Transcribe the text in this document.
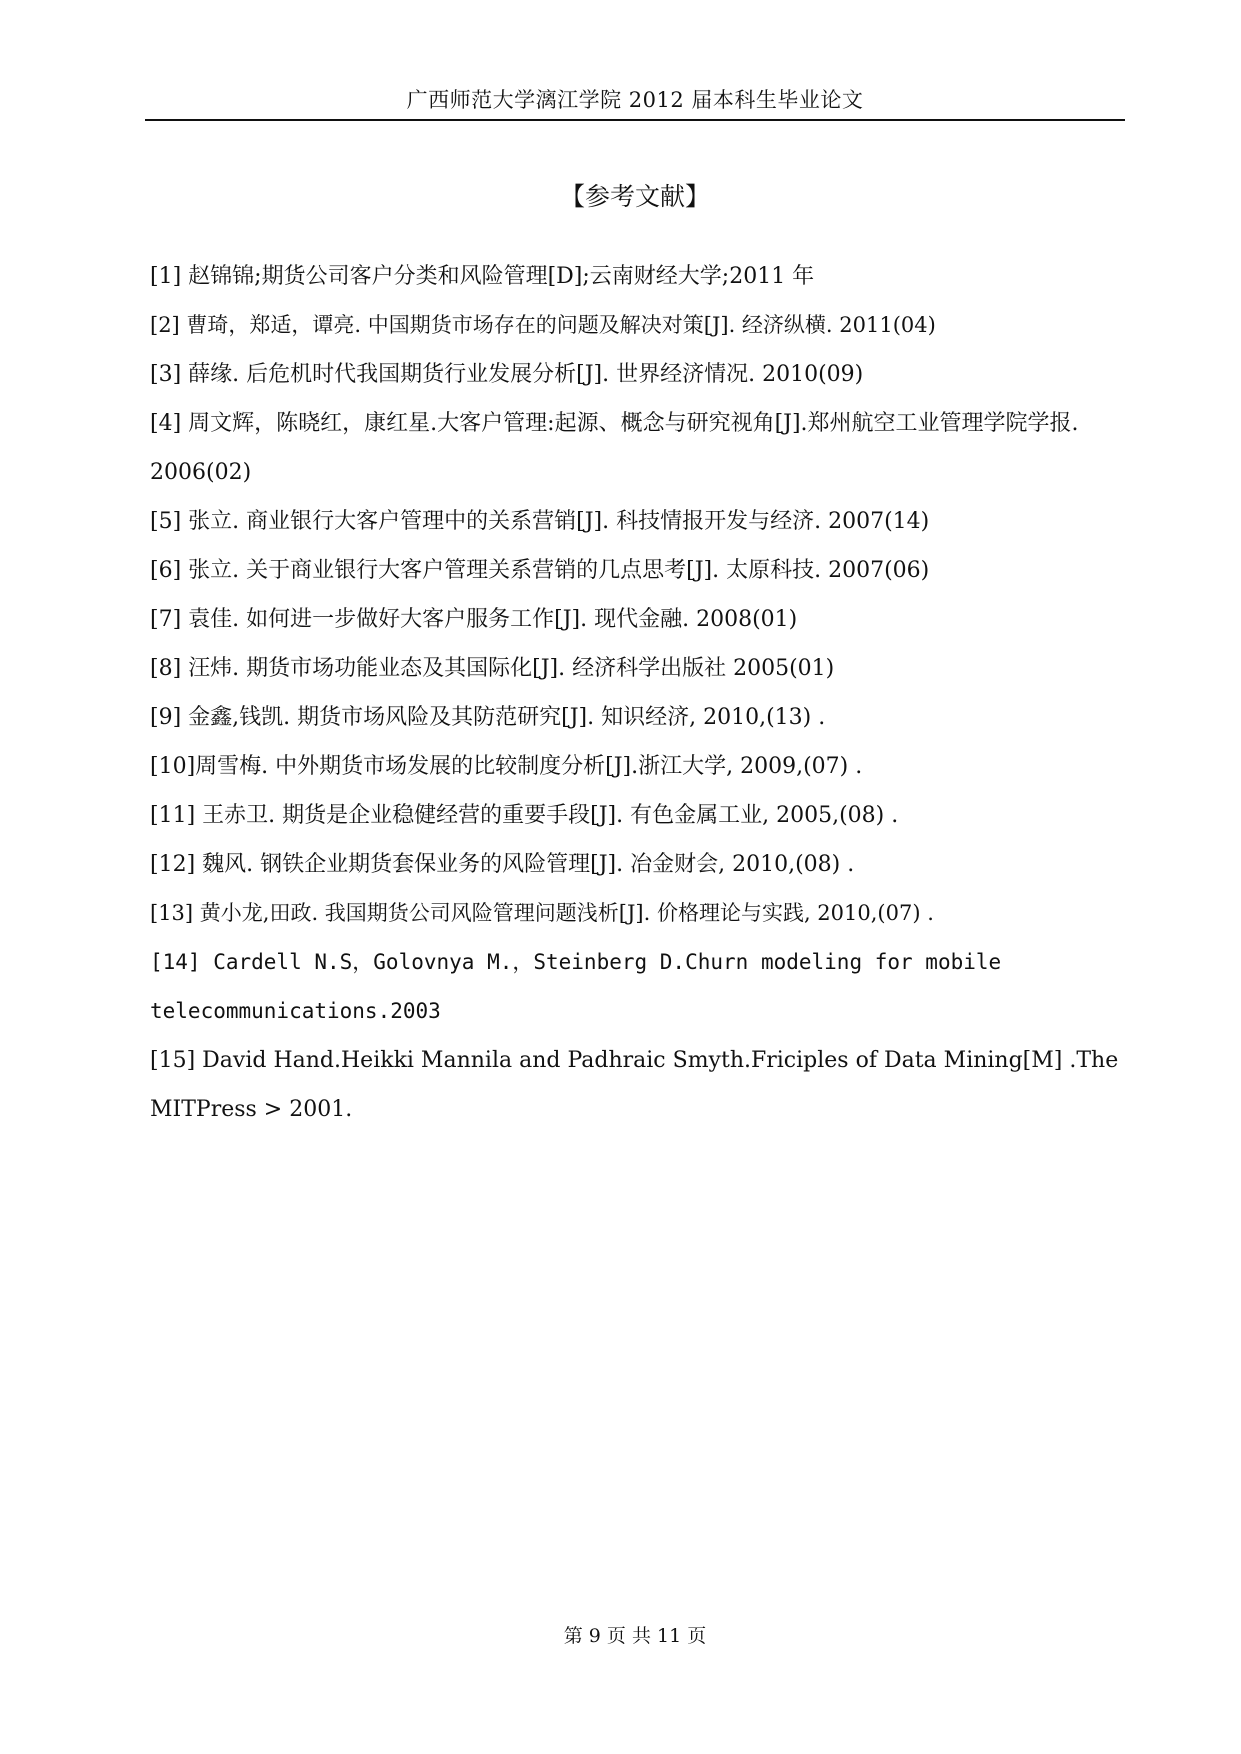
广西师范大学漓江学院 2012 届本科生毕业论文
【参考文献】
[1] 赵锦锦;期货公司客户分类和风险管理[D];云南财经大学;2011 年
[2] 曹琦，郑适，谭亮. 中国期货市场存在的问题及解决对策[J]. 经济纵横. 2011(04)
[3] 薛缘. 后危机时代我国期货行业发展分析[J]. 世界经济情况. 2010(09)
[4] 周文辉，陈晓红，康红星.大客户管理:起源、概念与研究视角[J].郑州航空工业管理学院学报. 2006(02)
[5] 张立. 商业银行大客户管理中的关系营销[J]. 科技情报开发与经济. 2007(14)
[6] 张立. 关于商业银行大客户管理关系营销的几点思考[J]. 太原科技. 2007(06)
[7] 袁佳. 如何进一步做好大客户服务工作[J]. 现代金融. 2008(01)
[8] 汪炜. 期货市场功能业态及其国际化[J]. 经济科学出版社 2005(01)
[9] 金鑫,钱凯. 期货市场风险及其防范研究[J]. 知识经济, 2010,(13) .
[10]周雪梅. 中外期货市场发展的比较制度分析[J].浙江大学, 2009,(07) .
[11] 王赤卫. 期货是企业稳健经营的重要手段[J]. 有色金属工业, 2005,(08) .
[12] 魏风. 钢铁企业期货套保业务的风险管理[J]. 冶金财会, 2010,(08) .
[13] 黄小龙,田政. 我国期货公司风险管理问题浅析[J]. 价格理论与实践, 2010,(07) .
[14] Cardell N.S，Golovnya M.，Steinberg D.Churn modeling for mobile telecommunications.2003
[15] David Hand.Heikki Mannila and Padhraic Smyth.Friciples of Data Mining[M] .The MITPress > 2001.
第 9 页 共 11 页
